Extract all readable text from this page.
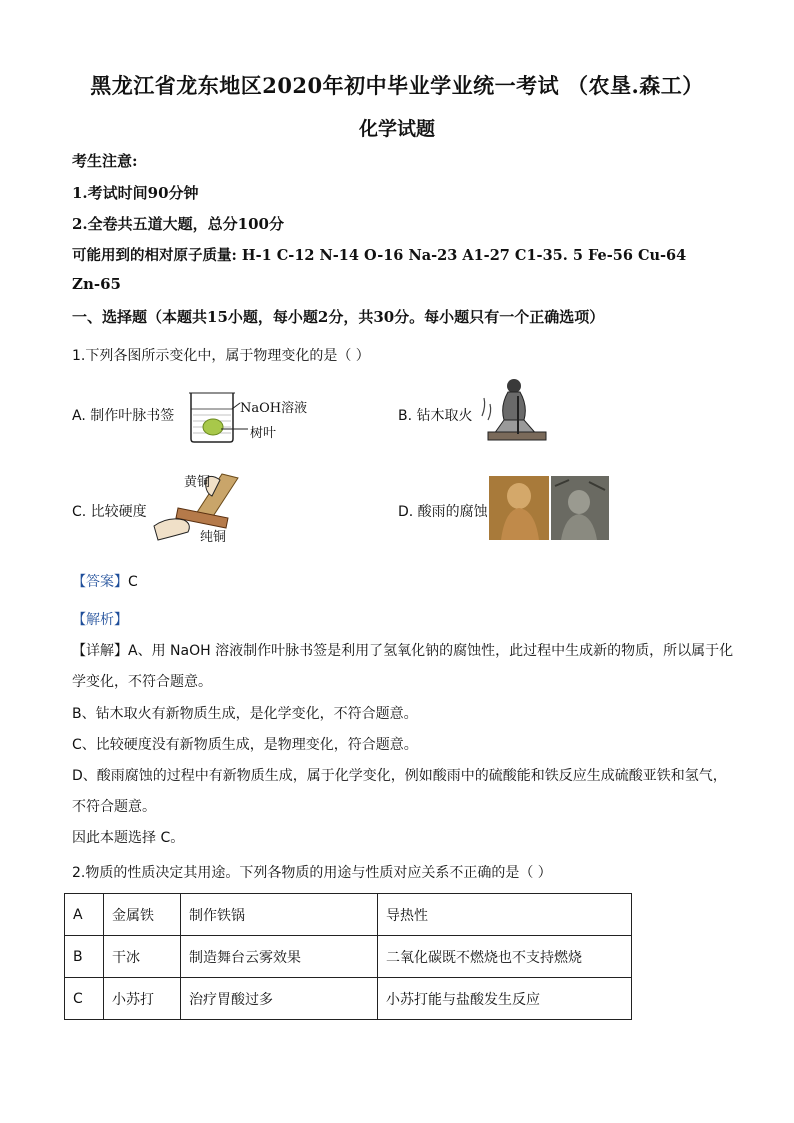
黑龙江省龙东地区2020年初中毕业学业统一考试 （农垦.森工）
化学试题
考生注意:
1.考试时间90分钟
2.全卷共五道大题，总分100分
可能用到的相对原子质量: H-1 C-12 N-14 O-16 Na-23 A1-27 C1-35. 5 Fe-56 Cu-64
Zn-65
一、选择题（本题共15小题，每小题2分，共30分。每小题只有一个正确选项）
1.下列各图所示变化中，属于物理变化的是（ ）
A. 制作叶脉书签	NaOH溶液
树叶
B. 钻木取火
C. 比较硬度
黄铜
纯铜
D. 酸雨的腐蚀
【答案】C
【解析】
【详解】A、用 NaOH 溶液制作叶脉书签是利用了氢氧化钠的腐蚀性，此过程中生成新的物质，所以属于化
学变化，不符合题意。
B、钻木取火有新物质生成，是化学变化，不符合题意。
C、比较硬度没有新物质生成，是物理变化，符合题意。
D、酸雨腐蚀的过程中有新物质生成，属于化学变化，例如酸雨中的硫酸能和铁反应生成硫酸亚铁和氢气，
不符合题意。
因此本题选择 C。
2.物质的性质决定其用途。下列各物质的用途与性质对应关系不正确的是（ ）
A	金属铁	制作铁锅	导热性
B	干冰	制造舞台云雾效果	二氧化碳既不燃烧也不支持燃烧
C	小苏打	治疗胃酸过多	小苏打能与盐酸发生反应
